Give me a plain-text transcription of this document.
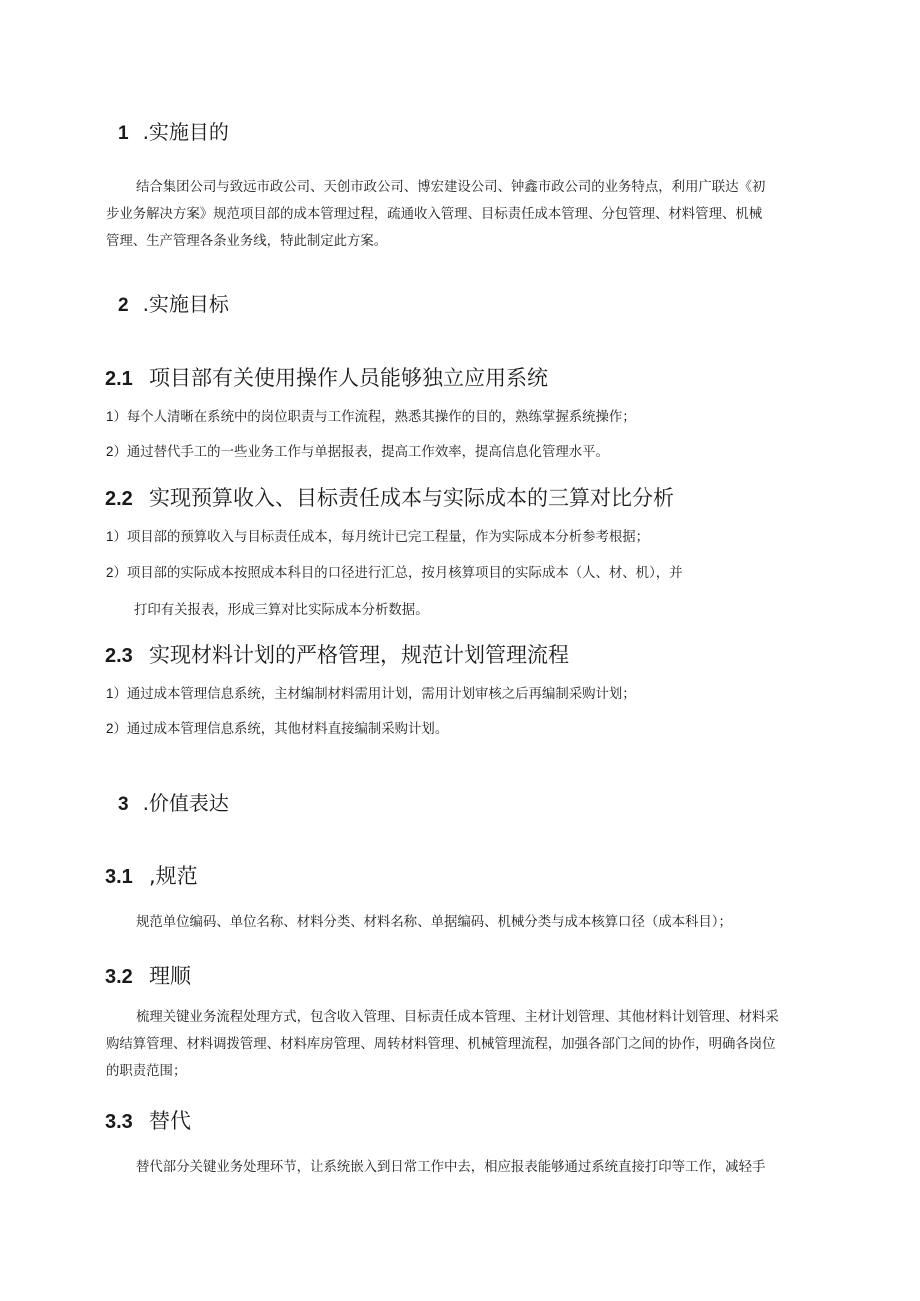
1 .实施目的
结合集团公司与致远市政公司、天创市政公司、博宏建设公司、钟鑫市政公司的业务特点，利用广联达《初
步业务解决方案》规范项目部的成本管理过程，疏通收入管理、目标责任成本管理、分包管理、材料管理、机械
管理、生产管理各条业务线，特此制定此方案。
2 .实施目标
2.1 项目部有关使用操作人员能够独立应用系统
1）每个人清晰在系统中的岗位职责与工作流程，熟悉其操作的目的，熟练掌握系统操作；
2）通过替代手工的一些业务工作与单据报表，提高工作效率，提高信息化管理水平。
2.2 实现预算收入、目标责任成本与实际成本的三算对比分析
1）项目部的预算收入与目标责任成本，每月统计已完工程量，作为实际成本分析参考根据；
2）项目部的实际成本按照成本科目的口径进行汇总，按月核算项目的实际成本（人、材、机），并
打印有关报表，形成三算对比实际成本分析数据。
2.3 实现材料计划的严格管理，规范计划管理流程
1）通过成本管理信息系统，主材编制材料需用计划，需用计划审核之后再编制采购计划；
2）通过成本管理信息系统，其他材料直接编制采购计划。
3 .价值表达
3.1 ,规范
规范单位编码、单位名称、材料分类、材料名称、单据编码、机械分类与成本核算口径（成本科目）；
3.2 理顺
梳理关键业务流程处理方式，包含收入管理、目标责任成本管理、主材计划管理、其他材料计划管理、材料采
购结算管理、材料调拨管理、材料库房管理、周转材料管理、机械管理流程，加强各部门之间的协作，明确各岗位
的职责范围；
3.3 替代
替代部分关键业务处理环节，让系统嵌入到日常工作中去，相应报表能够通过系统直接打印等工作，减轻手
